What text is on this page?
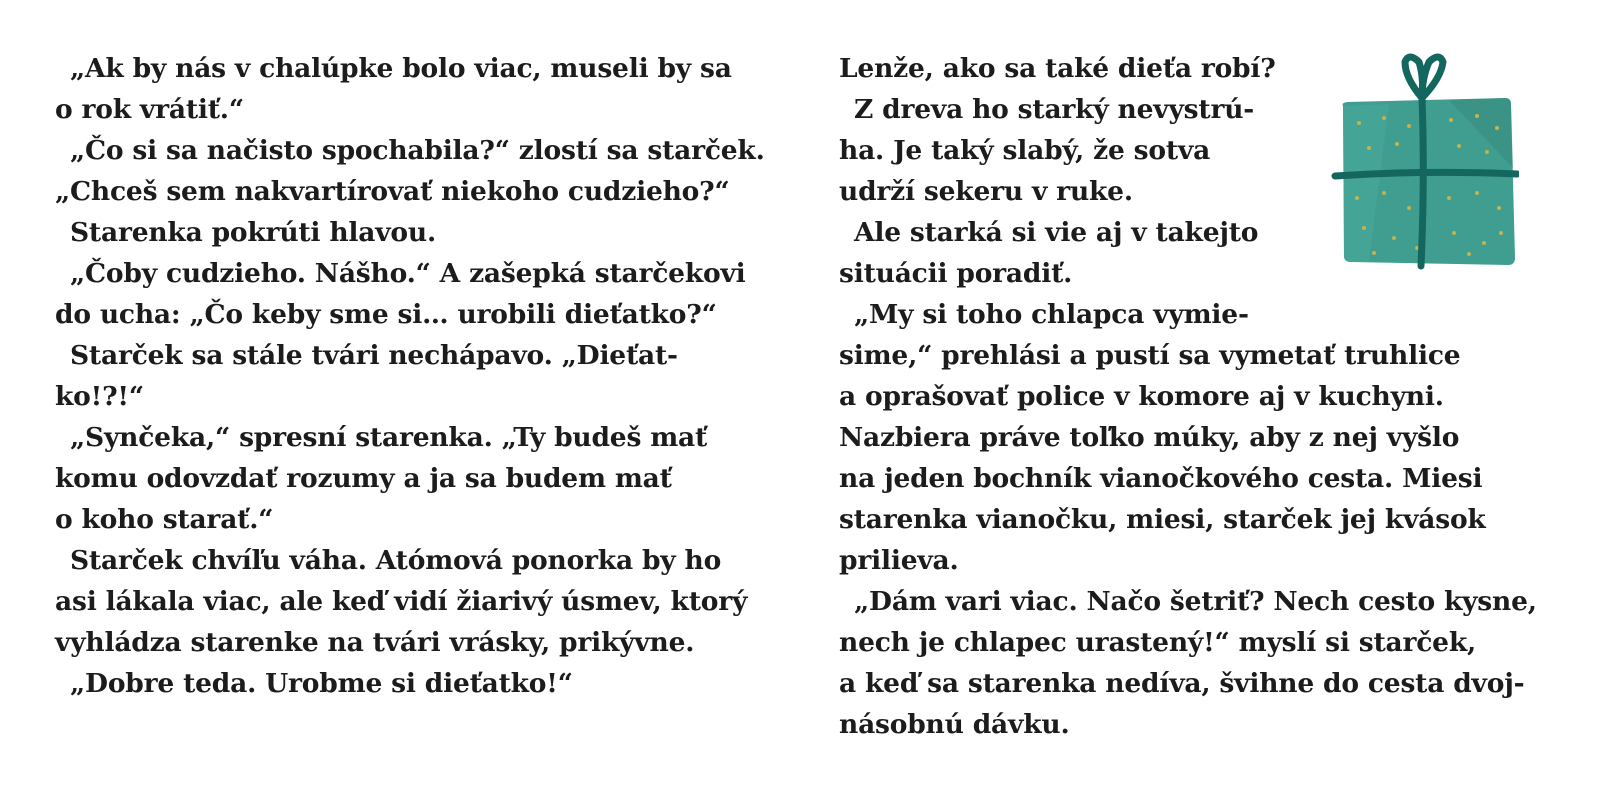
„Ak by nás v chalúpke bolo viac, museli by sa
o rok vrátiť.“
„Čo si sa načisto spochabila?“ zlostí sa starček.
„Chceš sem nakvartírovať niekoho cudzieho?“
Starenka pokrúti hlavou.
„Čoby cudzieho. Nášho.“ A zašepká starčekovi
do ucha: „Čo keby sme si… urobili dieťatko?“
Starček sa stále tvári nechápavo. „Dieťat-
ko!?!“
„Synčeka,“ spresní starenka. „Ty budeš mať
komu odovzdať rozumy a ja sa budem mať
o koho starať.“
Starček chvíľu váha. Atómová ponorka by ho
asi lákala viac, ale keď vidí žiarivý úsmev, ktorý
vyhládza starenke na tvári vrásky, prikývne.
„Dobre teda. Urobme si dieťatko!“
Lenže, ako sa také dieťa robí?
Z dreva ho starký nevystrú-
ha. Je taký slabý, že sotva
udrží sekeru v ruke.
Ale starká si vie aj v takejto
situácii poradiť.
„My si toho chlapca vymie-
sime,“ prehlási a pustí sa vymetať truhlice
a oprašovať police v komore aj v kuchyni.
Nazbiera práve toľko múky, aby z nej vyšlo
na jeden bochník vianočkového cesta. Miesi
starenka vianočku, miesi, starček jej kvások
prilieva.
„Dám vari viac. Načo šetriť? Nech cesto kysne,
nech je chlapec urastený!“ myslí si starček,
a keď sa starenka nedíva, švihne do cesta dvoj-
násobnú dávku.
